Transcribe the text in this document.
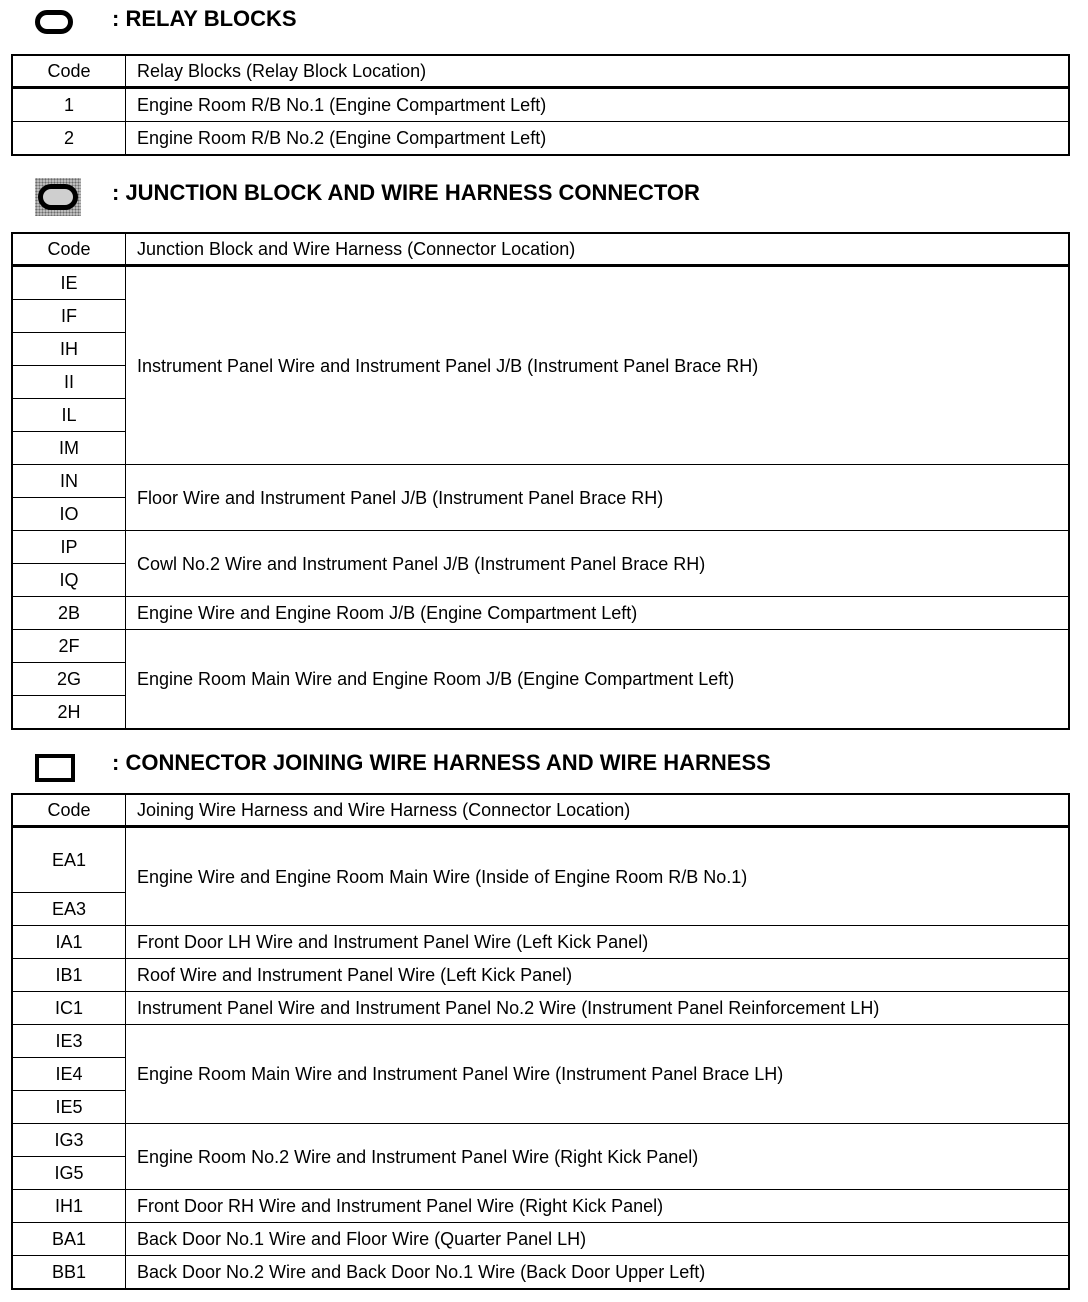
: RELAY BLOCKS
Code	Relay Blocks (Relay Block Location)
1	Engine Room R/B No.1 (Engine Compartment Left)
2	Engine Room R/B No.2 (Engine Compartment Left)
: JUNCTION BLOCK AND WIRE HARNESS CONNECTOR
Code	Junction Block and Wire Harness (Connector Location)
IE	Instrument Panel Wire and Instrument Panel J/B (Instrument Panel Brace RH)
IF	
IH	
II	
IL	
IM	
IN	Floor Wire and Instrument Panel J/B (Instrument Panel Brace RH)
IO	
IP	Cowl No.2 Wire and Instrument Panel J/B (Instrument Panel Brace RH)
IQ	
2B	Engine Wire and Engine Room J/B (Engine Compartment Left)
2F	Engine Room Main Wire and Engine Room J/B (Engine Compartment Left)
2G	
2H	
: CONNECTOR JOINING WIRE HARNESS AND WIRE HARNESS
Code	Joining Wire Harness and Wire Harness (Connector Location)
EA1	Engine Wire and Engine Room Main Wire (Inside of Engine Room R/B No.1)
EA3	
IA1	Front Door LH Wire and Instrument Panel Wire (Left Kick Panel)
IB1	Roof Wire and Instrument Panel Wire (Left Kick Panel)
IC1	Instrument Panel Wire and Instrument Panel No.2 Wire (Instrument Panel Reinforcement LH)
IE3	Engine Room Main Wire and Instrument Panel Wire (Instrument Panel Brace LH)
IE4	
IE5	
IG3	Engine Room No.2 Wire and Instrument Panel Wire (Right Kick Panel)
IG5	
IH1	Front Door RH Wire and Instrument Panel Wire (Right Kick Panel)
BA1	Back Door No.1 Wire and Floor Wire (Quarter Panel LH)
BB1	Back Door No.2 Wire and Back Door No.1 Wire (Back Door Upper Left)
